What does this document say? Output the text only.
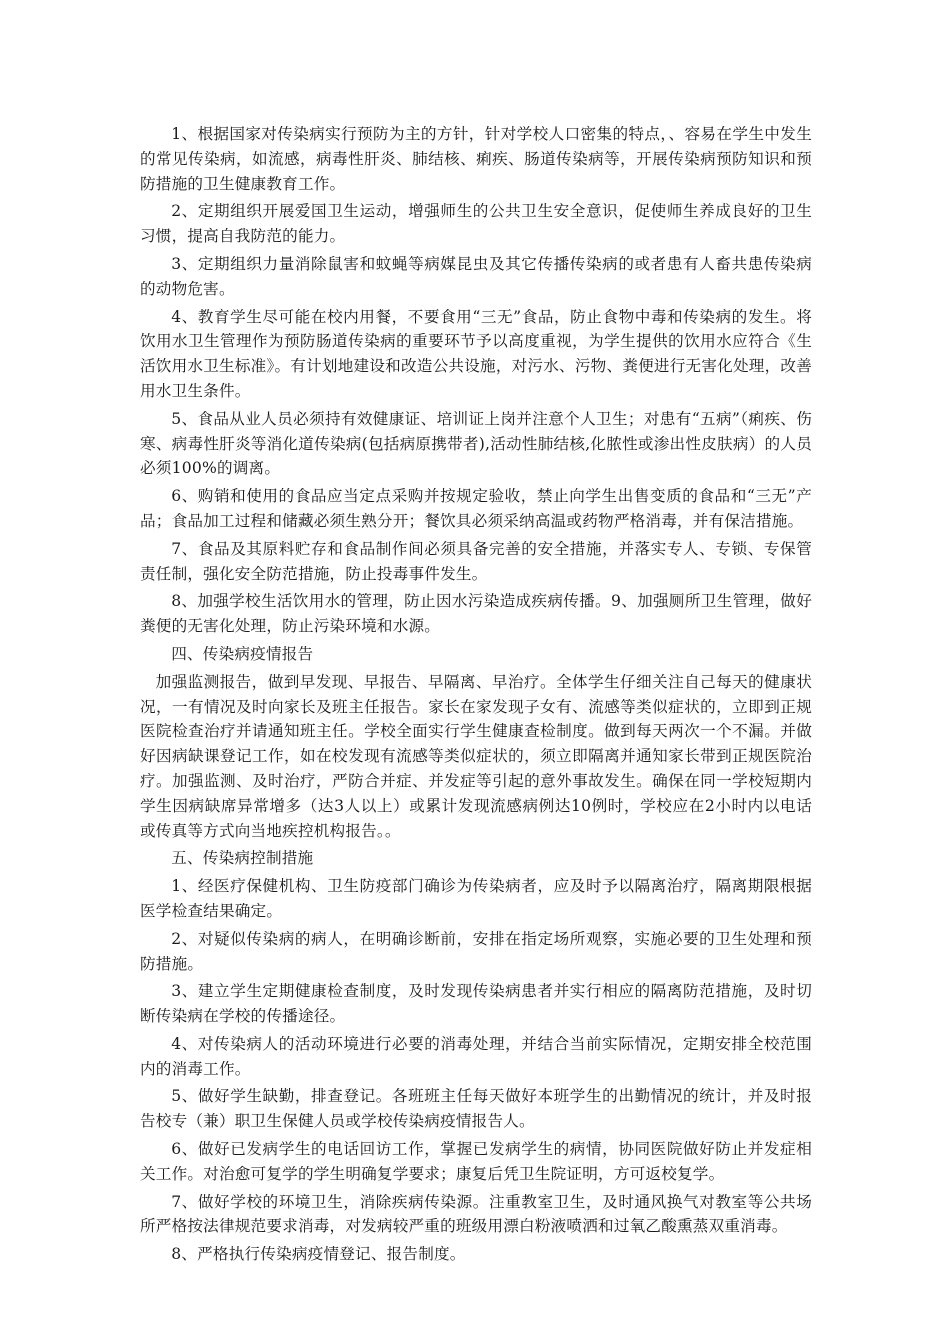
1、根据国家对传染病实行预防为主的方针，针对学校人口密集的特点，、容易在学生中发生的常见传染病，如流感，病毒性肝炎、肺结核、痢疾、肠道传染病等，开展传染病预防知识和预防措施的卫生健康教育工作。

2、定期组织开展爱国卫生运动，增强师生的公共卫生安全意识，促使师生养成良好的卫生习惯，提高自我防范的能力。

3、定期组织力量消除鼠害和蚊蝇等病媒昆虫及其它传播传染病的或者患有人畜共患传染病的动物危害。

4、教育学生尽可能在校内用餐，不要食用“三无”食品，防止食物中毒和传染病的发生。将饮用水卫生管理作为预防肠道传染病的重要环节予以高度重视，为学生提供的饮用水应符合《生活饮用水卫生标准》。有计划地建设和改造公共设施，对污水、污物、粪便进行无害化处理，改善用水卫生条件。

5、食品从业人员必须持有效健康证、培训证上岗并注意个人卫生；对患有“五病”（痢疾、伤寒、病毒性肝炎等消化道传染病(包括病原携带者),活动性肺结核,化脓性或渗出性皮肤病）的人员必须100%的调离。

6、购销和使用的食品应当定点采购并按规定验收，禁止向学生出售变质的食品和“三无”产品；食品加工过程和储藏必须生熟分开；餐饮具必须采纳高温或药物严格消毒，并有保洁措施。

7、食品及其原料贮存和食品制作间必须具备完善的安全措施，并落实专人、专锁、专保管责任制，强化安全防范措施，防止投毒事件发生。

8、加强学校生活饮用水的管理，防止因水污染造成疾病传播。9、加强厕所卫生管理，做好粪便的无害化处理，防止污染环境和水源。

四、传染病疫情报告

加强监测报告，做到早发现、早报告、早隔离、早治疗。全体学生仔细关注自己每天的健康状况，一有情况及时向家长及班主任报告。家长在家发现子女有、流感等类似症状的，立即到正规医院检查治疗并请通知班主任。学校全面实行学生健康查检制度。做到每天两次一个不漏。并做好因病缺课登记工作，如在校发现有流感等类似症状的，须立即隔离并通知家长带到正规医院治疗。加强监测、及时治疗，严防合并症、并发症等引起的意外事故发生。确保在同一学校短期内学生因病缺席异常增多（达3人以上）或累计发现流感病例达10例时，学校应在2小时内以电话或传真等方式向当地疾控机构报告。。

五、传染病控制措施

1、经医疗保健机构、卫生防疫部门确诊为传染病者，应及时予以隔离治疗，隔离期限根据医学检查结果确定。

2、对疑似传染病的病人，在明确诊断前，安排在指定场所观察，实施必要的卫生处理和预防措施。

3、建立学生定期健康检查制度，及时发现传染病患者并实行相应的隔离防范措施，及时切断传染病在学校的传播途径。

4、对传染病人的活动环境进行必要的消毒处理，并结合当前实际情况，定期安排全校范围内的消毒工作。

5、做好学生缺勤，排查登记。各班班主任每天做好本班学生的出勤情况的统计，并及时报告校专（兼）职卫生保健人员或学校传染病疫情报告人。

6、做好已发病学生的电话回访工作，掌握已发病学生的病情，协同医院做好防止并发症相关工作。对治愈可复学的学生明确复学要求；康复后凭卫生院证明，方可返校复学。

7、做好学校的环境卫生，消除疾病传染源。注重教室卫生，及时通风换气对教室等公共场所严格按法律规范要求消毒，对发病较严重的班级用漂白粉液喷洒和过氧乙酸熏蒸双重消毒。

8、严格执行传染病疫情登记、报告制度。
